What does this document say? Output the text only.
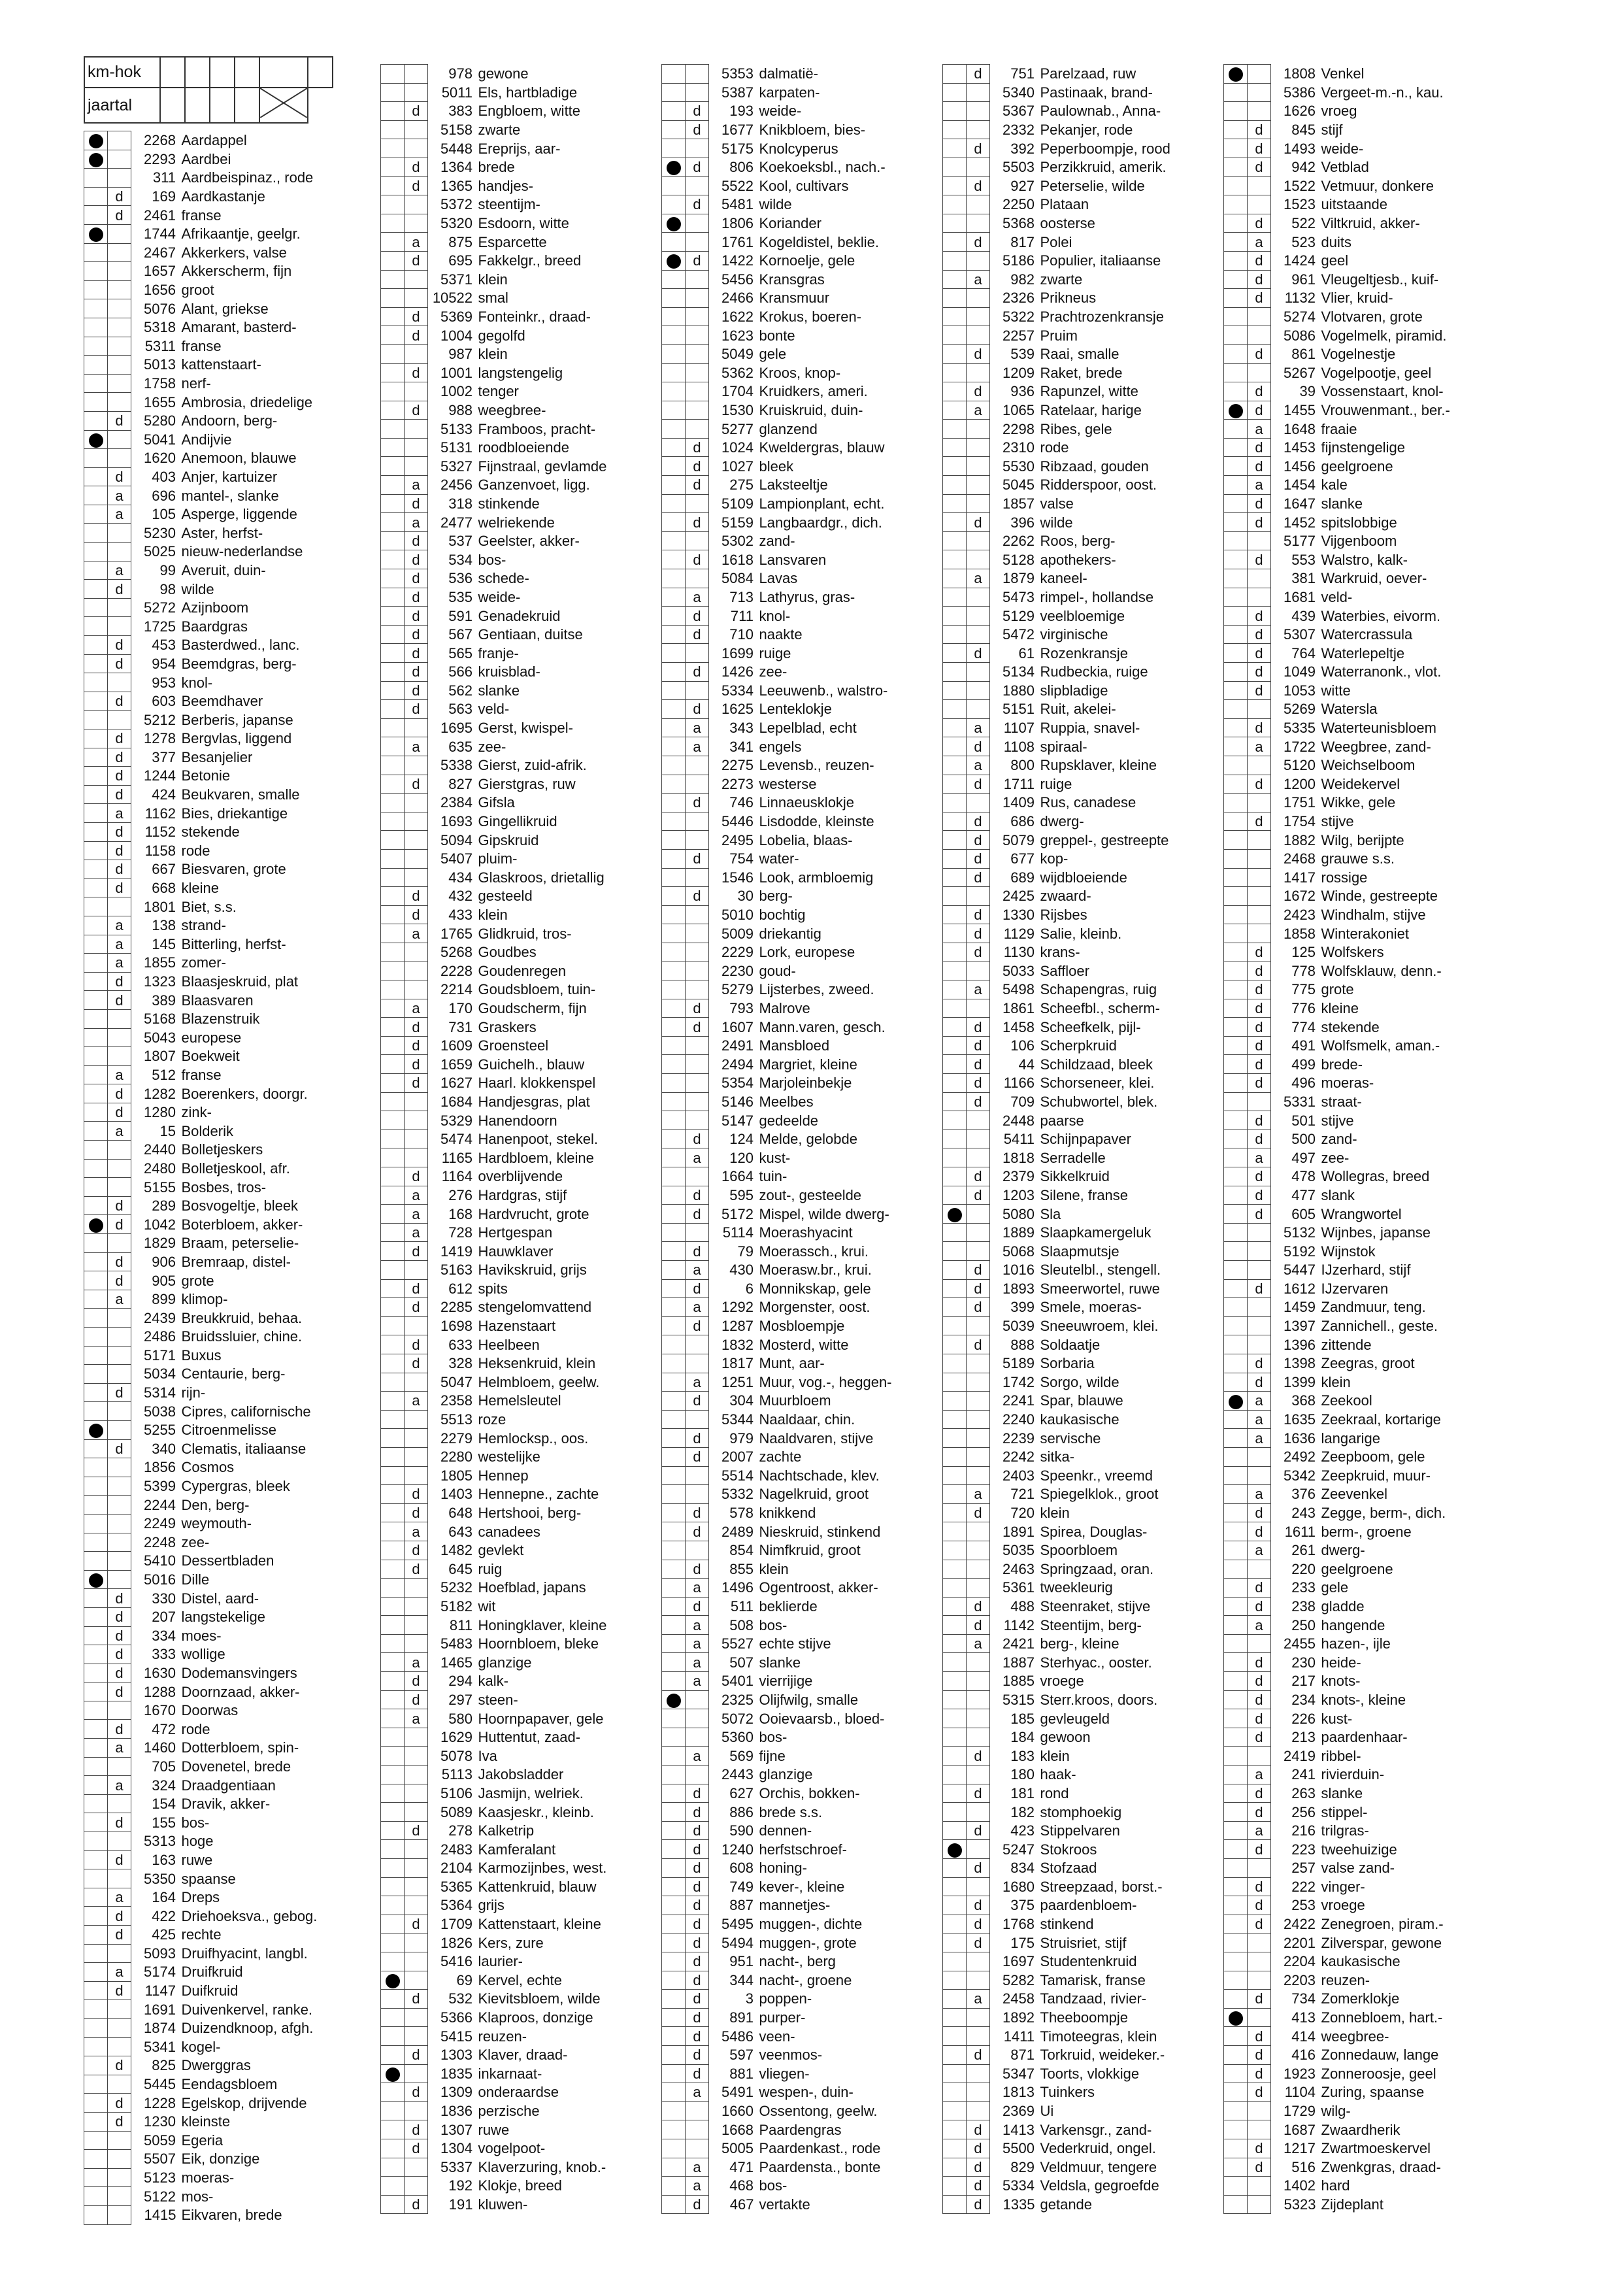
km-hok						
jaartal					
		2268	Aardappel
		2293	Aardbei
		311	Aardbeispinaz., rode
	d	169	Aardkastanje
	d	2461	franse
		1744	Afrikaantje, geelgr.
		2467	Akkerkers, valse
		1657	Akkerscherm, fijn
		1656	groot
		5076	Alant, griekse
		5318	Amarant, basterd-
		5311	franse
		5013	kattenstaart-
		1758	nerf-
		1655	Ambrosia, driedelige
	d	5280	Andoorn, berg-
		5041	Andijvie
		1620	Anemoon, blauwe
	d	403	Anjer, kartuizer
	a	696	mantel-, slanke
	a	105	Asperge, liggende
		5230	Aster, herfst-
		5025	nieuw-nederlandse
	a	99	Averuit, duin-
	d	98	wilde
		5272	Azijnboom
		1725	Baardgras
	d	453	Basterdwed., lanc.
	d	954	Beemdgras, berg-
		953	knol-
	d	603	Beemdhaver
		5212	Berberis, japanse
	d	1278	Bergvlas, liggend
	d	377	Besanjelier
	d	1244	Betonie
	d	424	Beukvaren, smalle
	a	1162	Bies, driekantige
	d	1152	stekende
	d	1158	rode
	d	667	Biesvaren, grote
	d	668	kleine
		1801	Biet, s.s.
	a	138	strand-
	a	145	Bitterling, herfst-
	a	1855	zomer-
	d	1323	Blaasjeskruid, plat
	d	389	Blaasvaren
		5168	Blazenstruik
		5043	europese
		1807	Boekweit
	a	512	franse
	d	1282	Boerenkers, doorgr.
	d	1280	zink-
	a	15	Bolderik
		2440	Bolletjeskers
		2480	Bolletjeskool, afr.
		5155	Bosbes, tros-
	d	289	Bosvogeltje, bleek
	d	1042	Boterbloem, akker-
		1829	Braam, peterselie-
	d	906	Bremraap, distel-
	d	905	grote
	a	899	klimop-
		2439	Breukkruid, behaa.
		2486	Bruidssluier, chine.
		5171	Buxus
		5034	Centaurie, berg-
	d	5314	rijn-
		5038	Cipres, californische
		5255	Citroenmelisse
	d	340	Clematis, italiaanse
		1856	Cosmos
		5399	Cypergras, bleek
		2244	Den, berg-
		2249	weymouth-
		2248	zee-
		5410	Dessertbladen
		5016	Dille
	d	330	Distel, aard-
	d	207	langstekelige
	d	334	moes-
	d	333	wollige
	d	1630	Dodemansvingers
	d	1288	Doornzaad, akker-
		1670	Doorwas
	d	472	rode
	a	1460	Dotterbloem, spin-
		705	Dovenetel, brede
	a	324	Draadgentiaan
		154	Dravik, akker-
	d	155	bos-
		5313	hoge
	d	163	ruwe
		5350	spaanse
	a	164	Dreps
	d	422	Driehoeksva., gebog.
	d	425	rechte
		5093	Druifhyacint, langbl.
	a	5174	Druifkruid
	d	1147	Duifkruid
		1691	Duivenkervel, ranke.
		1874	Duizendknoop, afgh.
		5341	kogel-
	d	825	Dwerggras
		5445	Eendagsbloem
	d	1228	Egelskop, drijvende
	d	1230	kleinste
		5059	Egeria
		5507	Eik, donzige
		5123	moeras-
		5122	mos-
		1415	Eikvaren, brede
		978	gewone
		5011	Els, hartbladige
	d	383	Engbloem, witte
		5158	zwarte
		5448	Ereprijs, aar-
	d	1364	brede
	d	1365	handjes-
		5372	steentijm-
		5320	Esdoorn, witte
	a	875	Esparcette
	d	695	Fakkelgr., breed
		5371	klein
		10522	smal
	d	5369	Fonteinkr., draad-
	d	1004	gegolfd
		987	klein
	d	1001	langstengelig
		1002	tenger
	d	988	weegbree-
		5133	Framboos, pracht-
		5131	roodbloeiende
		5327	Fijnstraal, gevlamde
	a	2456	Ganzenvoet, ligg.
	d	318	stinkende
	a	2477	welriekende
	d	537	Geelster, akker-
	d	534	bos-
	d	536	schede-
	d	535	weide-
	d	591	Genadekruid
	d	567	Gentiaan, duitse
	d	565	franje-
	d	566	kruisblad-
	d	562	slanke
	d	563	veld-
		1695	Gerst, kwispel-
	a	635	zee-
		5338	Gierst, zuid-afrik.
	d	827	Gierstgras, ruw
		2384	Gifsla
		1693	Gingellikruid
		5094	Gipskruid
		5407	pluim-
		434	Glaskroos, drietallig
	d	432	gesteeld
	d	433	klein
	a	1765	Glidkruid, tros-
		5268	Goudbes
		2228	Goudenregen
		2214	Goudsbloem, tuin-
	a	170	Goudscherm, fijn
	d	731	Graskers
	d	1609	Groensteel
	d	1659	Guichelh., blauw
	d	1627	Haarl. klokkenspel
		1684	Handjesgras, plat
		5329	Hanendoorn
		5474	Hanenpoot, stekel.
		1165	Hardbloem, kleine
	d	1164	overblijvende
	a	276	Hardgras, stijf
	a	168	Hardvrucht, grote
	a	728	Hertgespan
	d	1419	Hauwklaver
		5163	Havikskruid, grijs
	d	612	spits
	d	2285	stengelomvattend
		1698	Hazenstaart
	d	633	Heelbeen
	d	328	Heksenkruid, klein
		5047	Helmbloem, geelw.
	a	2358	Hemelsleutel
		5513	roze
		2279	Hemlocksp., oos.
		2280	westelijke
		1805	Hennep
	d	1403	Hennepne., zachte
	d	648	Hertshooi, berg-
	a	643	canadees
	d	1482	gevlekt
	d	645	ruig
		5232	Hoefblad, japans
		5182	wit
		811	Honingklaver, kleine
		5483	Hoornbloem, bleke
	a	1465	glanzige
	d	294	kalk-
	d	297	steen-
	a	580	Hoornpapaver, gele
		1629	Huttentut, zaad-
		5078	Iva
		5113	Jakobsladder
		5106	Jasmijn, welriek.
		5089	Kaasjeskr., kleinb.
	d	278	Kalketrip
		2483	Kamferalant
		2104	Karmozijnbes, west.
		5365	Kattenkruid, blauw
		5364	grijs
	d	1709	Kattenstaart, kleine
		1826	Kers, zure
		5416	laurier-
		69	Kervel, echte
	d	532	Kievitsbloem, wilde
		5366	Klaproos, donzige
		5415	reuzen-
	d	1303	Klaver, draad-
		1835	inkarnaat-
	d	1309	onderaardse
		1836	perzische
	d	1307	ruwe
	d	1304	vogelpoot-
		5337	Klaverzuring, knob.-
		192	Klokje, breed
	d	191	kluwen-
		5353	dalmatië-
		5387	karpaten-
	d	193	weide-
	d	1677	Knikbloem, bies-
		5175	Knolcyperus
	d	806	Koekoeksbl., nach.-
		5522	Kool, cultivars
	d	5481	wilde
		1806	Koriander
		1761	Kogeldistel, beklie.
	d	1422	Kornoelje, gele
		5456	Kransgras
		2466	Kransmuur
		1622	Krokus, boeren-
		1623	bonte
		5049	gele
		5362	Kroos, knop-
		1704	Kruidkers, ameri.
		1530	Kruiskruid, duin-
		5277	glanzend
	d	1024	Kweldergras, blauw
	d	1027	bleek
	d	275	Laksteeltje
		5109	Lampionplant, echt.
	d	5159	Langbaardgr., dich.
		5302	zand-
	d	1618	Lansvaren
		5084	Lavas
	a	713	Lathyrus, gras-
	d	711	knol-
	d	710	naakte
		1699	ruige
	d	1426	zee-
		5334	Leeuwenb., walstro-
	d	1625	Lenteklokje
	a	343	Lepelblad, echt
	a	341	engels
		2275	Levensb., reuzen-
		2273	westerse
	d	746	Linnaeusklokje
		5446	Lisdodde, kleinste
		2495	Lobelia, blaas-
	d	754	water-
		1546	Look, armbloemig
	d	30	berg-
		5010	bochtig
		5009	driekantig
		2229	Lork, europese
		2230	goud-
		5279	Lijsterbes, zweed.
	d	793	Malrove
	d	1607	Mann.varen, gesch.
		2491	Mansbloed
		2494	Margriet, kleine
		5354	Marjoleinbekje
		5146	Meelbes
		5147	gedeelde
	d	124	Melde, gelobde
	a	120	kust-
		1664	tuin-
	d	595	zout-, gesteelde
	d	5172	Mispel, wilde dwerg-
		5114	Moerashyacint
	d	79	Moerassch., krui.
	a	430	Moerasw.br., krui.
	d	6	Monnikskap, gele
	a	1292	Morgenster, oost.
	d	1287	Mosbloempje
		1832	Mosterd, witte
		1817	Munt, aar-
	a	1251	Muur, vog.-, heggen-
	d	304	Muurbloem
		5344	Naaldaar, chin.
	d	979	Naaldvaren, stijve
	d	2007	zachte
		5514	Nachtschade, klev.
		5332	Nagelkruid, groot
	d	578	knikkend
	d	2489	Nieskruid, stinkend
		854	Nimfkruid, groot
	d	855	klein
	a	1496	Ogentroost, akker-
	d	511	beklierde
	a	508	bos-
	a	5527	echte stijve
	a	507	slanke
	a	5401	vierrijige
		2325	Olijfwilg, smalle
		5072	Ooievaarsb., bloed-
		5360	bos-
	a	569	fijne
		2443	glanzige
	d	627	Orchis, bokken-
	d	886	brede s.s.
	d	590	dennen-
	d	1240	herfstschroef-
	d	608	honing-
	d	749	kever-, kleine
	d	887	mannetjes-
	d	5495	muggen-, dichte
	d	5494	muggen-, grote
	d	951	nacht-, berg
	d	344	nacht-, groene
	d	3	poppen-
	d	891	purper-
	d	5486	veen-
	d	597	veenmos-
	d	881	vliegen-
	a	5491	wespen-, duin-
		1660	Ossentong, geelw.
		1668	Paardengras
		5005	Paardenkast., rode
	a	471	Paardenstа., bonte
	a	468	bos-
	d	467	vertakte
	d	751	Parelzaad, ruw
		5340	Pastinaak, brand-
		5367	Paulownab., Anna-
		2332	Pekanjer, rode
	d	392	Peperboompje, rood
		5503	Perzikkruid, amerik.
	d	927	Peterselie, wilde
		2250	Plataan
		5368	oosterse
	d	817	Polei
		5186	Populier, italiaanse
	a	982	zwarte
		2326	Prikneus
		5322	Prachtrozenkransje
		2257	Pruim
	d	539	Raai, smalle
		1209	Raket, brede
	d	936	Rapunzel, witte
	a	1065	Ratelaar, harige
		2298	Ribes, gele
		2310	rode
		5530	Ribzaad, gouden
		5045	Ridderspoor, oost.
		1857	valse
	d	396	wilde
		2262	Roos, berg-
		5128	apothekers-
	a	1879	kaneel-
		5473	rimpel-, hollandse
		5129	veelbloemige
		5472	virginische
	d	61	Rozenkransje
		5134	Rudbeckia, ruige
		1880	slipbladige
		5151	Ruit, akelei-
	a	1107	Ruppia, snavel-
	d	1108	spiraal-
	a	800	Rupsklaver, kleine
	d	1711	ruige
		1409	Rus, canadese
	d	686	dwerg-
	d	5079	greppel-, gestreepte
	d	677	kop-
	d	689	wijdbloeiende
		2425	zwaard-
	d	1330	Rijsbes
	d	1129	Salie, kleinb.
	d	1130	krans-
		5033	Saffloer
	a	5498	Schapengras, ruig
		1861	Scheefbl., scherm-
	d	1458	Scheefkelk, pijl-
	d	106	Scherpkruid
	d	44	Schildzaad, bleek
	d	1166	Schorseneer, klei.
	d	709	Schubwortel, blek.
		2448	paarse
		5411	Schijnpapaver
		1818	Serradelle
	d	2379	Sikkelkruid
	d	1203	Silene, franse
		5080	Sla
		1889	Slaapkamergeluk
		5068	Slaapmutsje
	d	1016	Sleutelbl., stengell.
	d	1893	Smeerwortel, ruwe
	d	399	Smele, moeras-
		5039	Sneeuwroem, klei.
	d	888	Soldaatje
		5189	Sorbaria
		1742	Sorgo, wilde
		2241	Spar, blauwe
		2240	kaukasische
		2239	servische
		2242	sitka-
		2403	Speenkr., vreemd
	a	721	Spiegelklok., groot
	d	720	klein
		1891	Spirea, Douglas-
		5035	Spoorbloem
		2463	Springzaad, oran.
		5361	tweekleurig
	d	488	Steenraket, stijve
	d	1142	Steentijm, berg-
	a	2421	berg-, kleine
		1887	Sterhyac., ooster.
		1885	vroege
		5315	Sterr.kroos, doors.
		185	gevleugeld
		184	gewoon
	d	183	klein
		180	haak-
	d	181	rond
		182	stomphoekig
	d	423	Stippelvaren
		5247	Stokroos
	d	834	Stofzaad
		1680	Streepzaad, borst.-
	d	375	paardenbloem-
	d	1768	stinkend
	d	175	Struisriet, stijf
		1697	Studentenkruid
		5282	Tamarisk, franse
	a	2458	Tandzaad, rivier-
		1892	Theeboompje
		1411	Timoteegras, klein
	d	871	Torkruid, weideker.-
		5347	Toorts, vlokkige
		1813	Tuinkers
		2369	Ui
	d	1413	Varkensgr., zand-
	d	5500	Vederkruid, ongel.
	d	829	Veldmuur, tengere
	d	5334	Veldsla, gegroefde
	d	1335	getande
		1808	Venkel
		5386	Vergeet-m.-n., kau.
		1626	vroeg
	d	845	stijf
	d	1493	weide-
	d	942	Vetblad
		1522	Vetmuur, donkere
		1523	uitstaande
	d	522	Viltkruid, akker-
	a	523	duits
	d	1424	geel
	d	961	Vleugeltjesb., kuif-
	d	1132	Vlier, kruid-
		5274	Vlotvaren, grote
		5086	Vogelmelk, piramid.
	d	861	Vogelnestje
		5267	Vogelpootje, geel
	d	39	Vossenstaart, knol-
	d	1455	Vrouwenmant., ber.-
	a	1648	fraaie
	d	1453	fijnstengelige
	d	1456	geelgroene
	a	1454	kale
	d	1647	slanke
	d	1452	spitslobbige
		5177	Vijgenboom
	d	553	Walstro, kalk-
		381	Warkruid, oever-
		1681	veld-
	d	439	Waterbies, eivorm.
	d	5307	Watercrassula
	d	764	Waterlepeltje
	d	1049	Waterranonk., vlot.
	d	1053	witte
		5269	Watersla
	d	5335	Waterteunisbloem
	a	1722	Weegbree, zand-
		5120	Weichselboom
	d	1200	Weidekervel
		1751	Wikke, gele
	d	1754	stijve
		1882	Wilg, berijpte
		2468	grauwe s.s.
		1417	rossige
		1672	Winde, gestreepte
		2423	Windhalm, stijve
		1858	Winterakoniet
	d	125	Wolfskers
	d	778	Wolfsklauw, denn.-
	d	775	grote
	d	776	kleine
	d	774	stekende
	d	491	Wolfsmelk, aman.-
	d	499	brede-
	d	496	moeras-
		5331	straat-
	d	501	stijve
	d	500	zand-
	a	497	zee-
	d	478	Wollegras, breed
	d	477	slank
	d	605	Wrangwortel
		5132	Wijnbes, japanse
		5192	Wijnstok
		5447	IJzerhard, stijf
	d	1612	IJzervaren
		1459	Zandmuur, teng.
		1397	Zannichell., geste.
		1396	zittende
	d	1398	Zeegras, groot
	d	1399	klein
	a	368	Zeekool
	a	1635	Zeekraal, kortarige
	a	1636	langarige
		2492	Zeepboom, gele
		5342	Zeepkruid, muur-
	a	376	Zeevenkel
	d	243	Zegge, berm-, dich.
	d	1611	berm-, groene
	a	261	dwerg-
		220	geelgroene
	d	233	gele
	d	238	gladde
	a	250	hangende
		2455	hazen-, ijle
	d	230	heide-
	d	217	knots-
	d	234	knots-, kleine
	d	226	kust-
	d	213	paardenhaar-
		2419	ribbel-
	a	241	rivierduin-
	d	263	slanke
	d	256	stippel-
	a	216	trilgras-
	d	223	tweehuizige
		257	valse zand-
	d	222	vinger-
	d	253	vroege
	d	2422	Zenegroen, piram.-
		2201	Zilverspar, gewone
		2204	kaukasische
		2203	reuzen-
	d	734	Zomerklokje
		413	Zonnebloem, hart.-
	d	414	weegbree-
	d	416	Zonnedauw, lange
	d	1923	Zonneroosje, geel
	d	1104	Zuring, spaanse
		1729	wilg-
		1687	Zwaardherik
	d	1217	Zwartmoeskervel
	d	516	Zwenkgras, draad-
		1402	hard
		5323	Zijdeplant
